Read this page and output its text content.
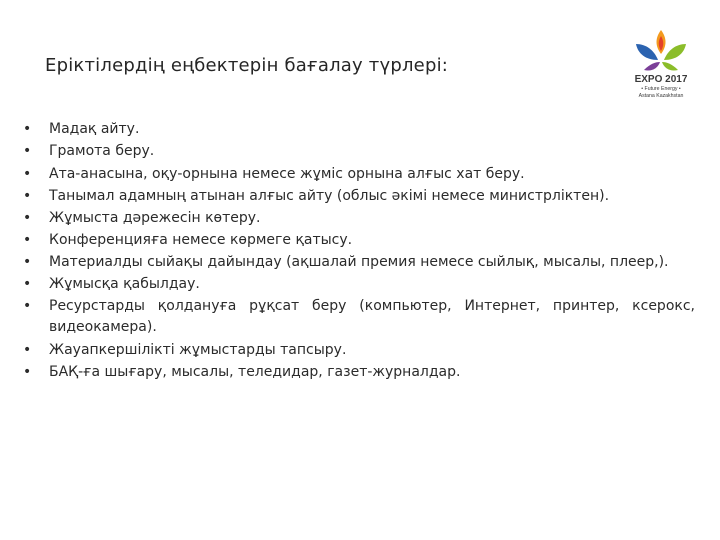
Еріктілердің еңбектерін бағалау түрлері:
EXPO 2017
• Future Energy •
Astana Kazakhstan
• Мадақ айту.
• Грамота беру.
• Ата-анасына, оқу-орнына немесе жұміс орнына алғыс хат беру.
• Танымал адамның атынан алғыс айту (облыс әкімі немесе министрліктен).
• Жұмыста дәрежесін көтеру.
• Конференцияға немесе көрмеге қатысу.
• Материалды сыйақы дайындау (ақшалай премия немесе сыйлық, мысалы, плеер,).
• Жұмысқа қабылдау.
• Ресурстарды қолдануға рұқсат беру (компьютер, Интернет, принтер, ксерокс, видеокамера).
• Жауапкершілікті жұмыстарды тапсыру.
• БАҚ-ға шығару, мысалы, теледидар, газет-журналдар.
